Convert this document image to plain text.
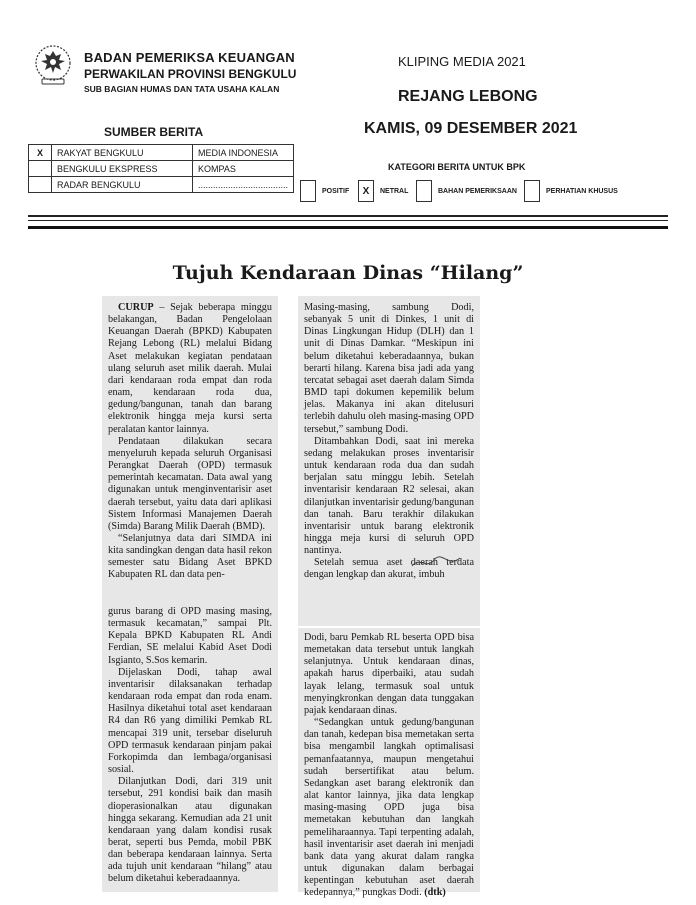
BADAN PEMERIKSA KEUANGAN
PERWAKILAN PROVINSI BENGKULU
SUB BAGIAN HUMAS DAN TATA USAHA KALAN
KLIPING MEDIA 2021
REJANG LEBONG
KAMIS, 09 DESEMBER 2021
SUMBER BERITA
X	RAKYAT BENGKULU	MEDIA INDONESIA
	BENGKULU EKSPRESS	KOMPAS
	RADAR BENGKULU	....................................
KATEGORI BERITA UNTUK BPK
POSITIF	X	NETRAL	BAHAN PEMERIKSAAN	PERHATIAN KHUSUS
Tujuh Kendaraan Dinas “Hilang”

CURUP – Sejak beberapa minggu belakangan, Badan Pengelolaan Keuangan Daerah (BPKD) Kabupaten Rejang Lebong (RL) melalui Bidang Aset melakukan kegiatan pendataan ulang seluruh aset milik daerah. Mulai dari kendaraan roda empat dan roda enam, kendaraan roda dua, gedung/bangunan, tanah dan barang elektronik hingga meja kursi serta peralatan kantor lainnya.

Pendataan dilakukan secara menyeluruh kepada seluruh Organisasi Perangkat Daerah (OPD) termasuk pemerintah kecamatan. Data awal yang digunakan untuk menginventarisir aset daerah tersebut, yaitu data dari aplikasi Sistem Informasi Manajemen Daerah (Simda) Barang Milik Daerah (BMD).

“Selanjutnya data dari SIMDA ini kita sandingkan dengan data hasil rekon semester satu Bidang Aset BPKD Kabupaten RL dan data pen-

gurus barang di OPD masing masing, termasuk kecamatan,” sampai Plt. Kepala BPKD Kabupaten RL Andi Ferdian, SE melalui Kabid Aset Dodi Isgianto, S.Sos kemarin.

Dijelaskan Dodi, tahap awal inventarisir dilaksanakan terhadap kendaraan roda empat dan roda enam. Hasilnya diketahui total aset kendaraan R4 dan R6 yang dimiliki Pemkab RL mencapai 319 unit, tersebar diseluruh OPD termasuk kendaraan pinjam pakai Forkopimda dan lembaga/organisasi sosial.

Dilanjutkan Dodi, dari 319 unit tersebut, 291 kondisi baik dan masih dioperasionalkan atau digunakan hingga sekarang. Kemudian ada 21 unit kendaraan yang dalam kondisi rusak berat, seperti bus Pemda, mobil PBK dan beberapa kendaraan lainnya. Serta ada tujuh unit kendaraan “hilang” atau belum diketahui keberadaannya.

Masing-masing, sambung Dodi, sebanyak 5 unit di Dinkes, 1 unit di Dinas Lingkungan Hidup (DLH) dan 1 unit di Dinas Damkar. “Meskipun ini belum diketahui keberadaannya, bukan berarti hilang. Karena bisa jadi ada yang tercatat sebagai aset daerah dalam Simda BMD tapi dokumen kepemilik belum jelas. Makanya ini akan ditelusuri terlebih dahulu oleh masing-masing OPD tersebut,” sambung Dodi.

Ditambahkan Dodi, saat ini mereka sedang melakukan proses inventarisir untuk kendaraan roda dua dan sudah berjalan satu minggu lebih. Setelah inventarisir kendaraan R2 selesai, akan dilanjutkan inventarisir gedung/bangunan dan tanah. Baru terakhir dilakukan inventarisir untuk barang elektronik hingga meja kursi di seluruh OPD nantinya.

Setelah semua aset daerah terdata dengan lengkap dan akurat, imbuh

Dodi, baru Pemkab RL beserta OPD bisa memetakan data tersebut untuk langkah selanjutnya. Untuk kendaraan dinas, apakah harus diperbaiki, atau sudah layak lelang, termasuk soal untuk menyingkronkan dengan data tunggakan pajak kendaraan dinas.

“Sedangkan untuk gedung/bangunan dan tanah, kedepan bisa memetakan serta bisa mengambil langkah optimalisasi pemanfaatannya, maupun mengetahui sudah bersertifikat atau belum. Sedangkan aset barang elektronik dan alat kantor lainnya, jika data lengkap masing-masing OPD juga bisa memetakan kebutuhan dan langkah pemeliharaannya. Tapi terpenting adalah, hasil inventarisir aset daerah ini menjadi bank data yang akurat dalam rangka untuk digunakan dalam berbagai kepentingan kebutuhan aset daerah kedepannya,” pungkas Dodi. (dtk)
